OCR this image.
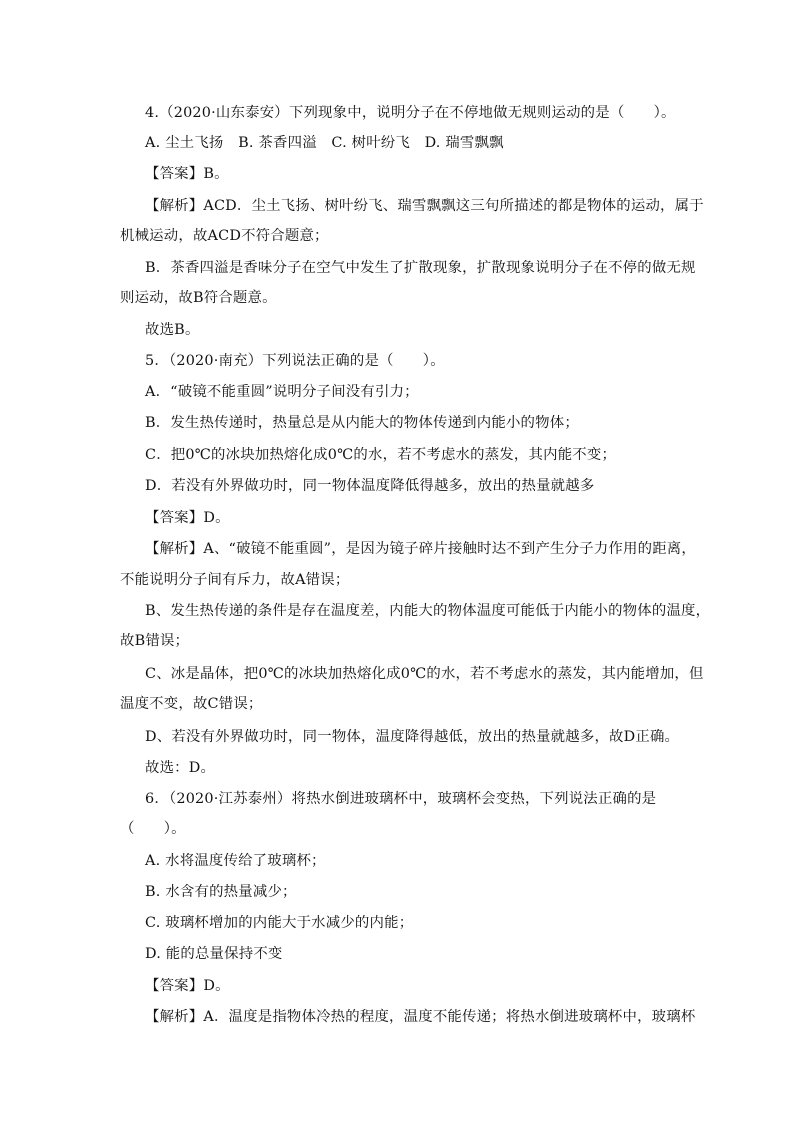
4.（2020·山东泰安）下列现象中，说明分子在不停地做无规则运动的是（　　）。
A. 尘土飞扬　B. 茶香四溢　C. 树叶纷飞　D. 瑞雪飘飘
【答案】B。
【解析】ACD．尘土飞扬、树叶纷飞、瑞雪飘飘这三句所描述的都是物体的运动，属于
机械运动，故ACD不符合题意；
B．茶香四溢是香味分子在空气中发生了扩散现象，扩散现象说明分子在不停的做无规
则运动，故B符合题意。
故选B。
5．（2020·南充）下列说法正确的是（　　）。
A．“破镜不能重圆”说明分子间没有引力；
B．发生热传递时，热量总是从内能大的物体传递到内能小的物体；
C．把0℃的冰块加热熔化成0℃的水，若不考虑水的蒸发，其内能不变；
D．若没有外界做功时，同一物体温度降低得越多，放出的热量就越多
【答案】D。
【解析】A、“破镜不能重圆”，是因为镜子碎片接触时达不到产生分子力作用的距离，
不能说明分子间有斥力，故A错误；
B、发生热传递的条件是存在温度差，内能大的物体温度可能低于内能小的物体的温度，
故B错误；
C、冰是晶体，把0℃的冰块加热熔化成0℃的水，若不考虑水的蒸发，其内能增加，但
温度不变，故C错误；
D、若没有外界做功时，同一物体，温度降得越低，放出的热量就越多，故D正确。
故选：D。
6．（2020·江苏泰州）将热水倒进玻璃杯中，玻璃杯会变热，下列说法正确的是
（　　）。
A. 水将温度传给了玻璃杯；
B. 水含有的热量减少；
C. 玻璃杯增加的内能大于水减少的内能；
D. 能的总量保持不变
【答案】D。
【解析】A．温度是指物体冷热的程度，温度不能传递；将热水倒进玻璃杯中，玻璃杯
